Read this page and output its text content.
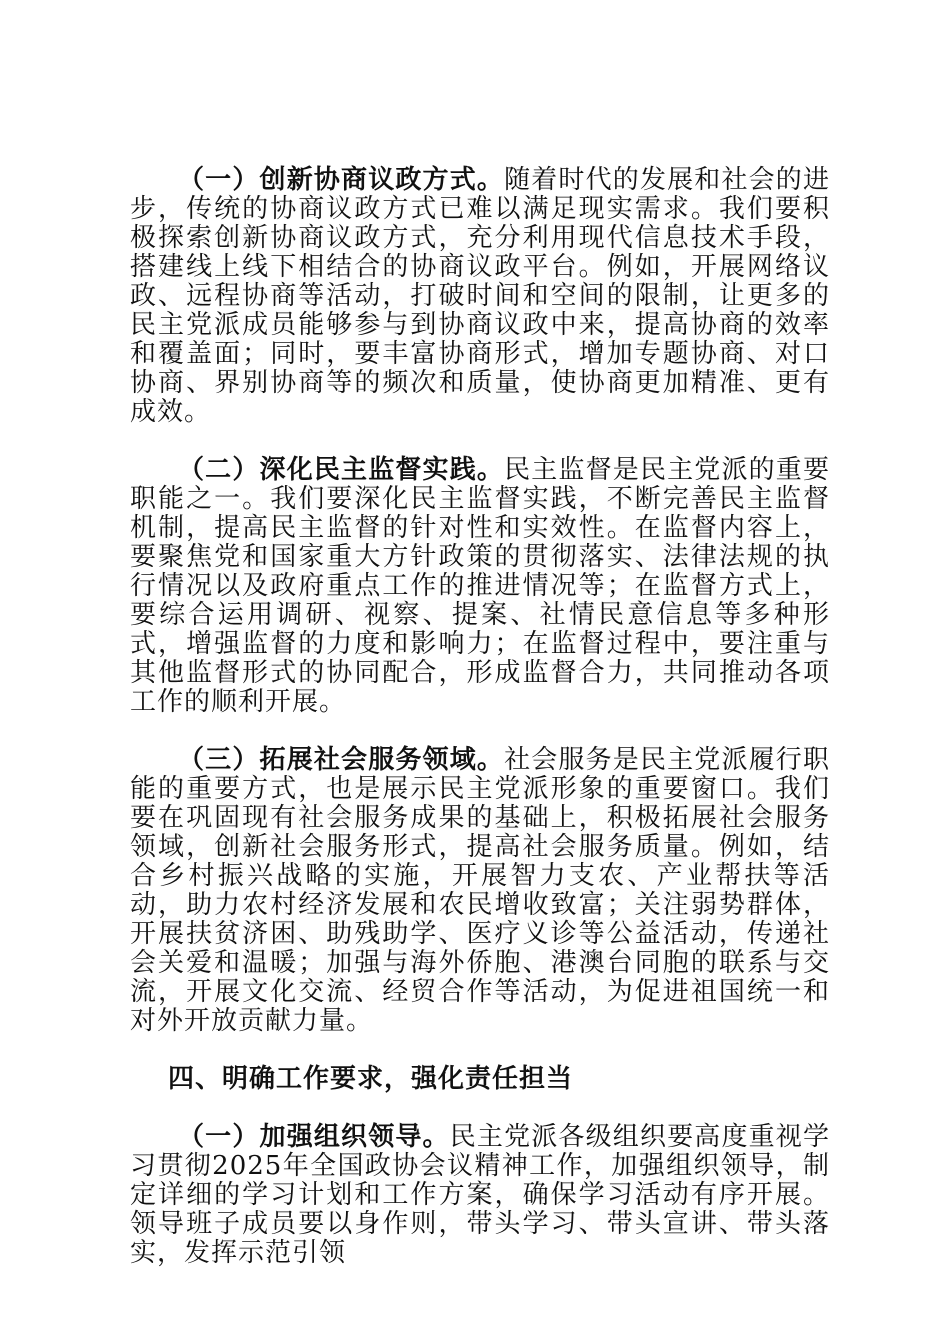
（一）创新协商议政方式。随着时代的发展和社会的进步，传统的协商议政方式已难以满足现实需求。我们要积极探索创新协商议政方式，充分利用现代信息技术手段，搭建线上线下相结合的协商议政平台。例如，开展网络议政、远程协商等活动，打破时间和空间的限制，让更多的民主党派成员能够参与到协商议政中来，提高协商的效率和覆盖面；同时，要丰富协商形式，增加专题协商、对口协商、界别协商等的频次和质量，使协商更加精准、更有成效。

（二）深化民主监督实践。民主监督是民主党派的重要职能之一。我们要深化民主监督实践，不断完善民主监督机制，提高民主监督的针对性和实效性。在监督内容上，要聚焦党和国家重大方针政策的贯彻落实、法律法规的执行情况以及政府重点工作的推进情况等；在监督方式上，要综合运用调研、视察、提案、社情民意信息等多种形式，增强监督的力度和影响力；在监督过程中，要注重与其他监督形式的协同配合，形成监督合力，共同推动各项工作的顺利开展。

（三）拓展社会服务领域。社会服务是民主党派履行职能的重要方式，也是展示民主党派形象的重要窗口。我们要在巩固现有社会服务成果的基础上，积极拓展社会服务领域，创新社会服务形式，提高社会服务质量。例如，结合乡村振兴战略的实施，开展智力支农、产业帮扶等活动，助力农村经济发展和农民增收致富；关注弱势群体，开展扶贫济困、助残助学、医疗义诊等公益活动，传递社会关爱和温暖；加强与海外侨胞、港澳台同胞的联系与交流，开展文化交流、经贸合作等活动，为促进祖国统一和对外开放贡献力量。

四、明确工作要求，强化责任担当

（一）加强组织领导。民主党派各级组织要高度重视学习贯彻2025年全国政协会议精神工作，加强组织领导，制定详细的学习计划和工作方案，确保学习活动有序开展。领导班子成员要以身作则，带头学习、带头宣讲、带头落实，发挥示范引领
